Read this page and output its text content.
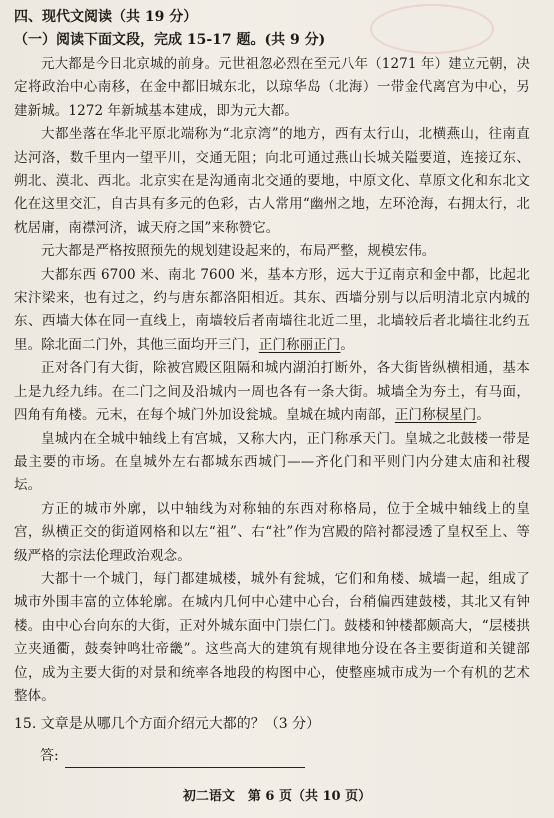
四、现代文阅读（共 19 分）
（一）阅读下面文段，完成 15-17 题。(共 9 分)

元大都是今日北京城的前身。元世祖忽必烈在至元八年（1271 年）建立元朝，决定将政治中心南移，在金中都旧城东北，以琼华岛（北海）一带金代离宫为中心，另建新城。1272 年新城基本建成，即为元大都。

大都坐落在华北平原北端称为“北京湾”的地方，西有太行山，北横燕山，往南直达河洛，数千里内一望平川，交通无阻；向北可通过燕山长城关隘要道，连接辽东、朔北、漠北、西北。北京实在是沟通南北交通的要地，中原文化、草原文化和东北文化在这里交汇，自古具有多元的色彩，古人常用“幽州之地，左环沧海，右拥太行，北枕居庸，南襟河济，诚天府之国”来称赞它。

元大都是严格按照预先的规划建设起来的，布局严整，规模宏伟。

大都东西 6700 米、南北 7600 米，基本方形，远大于辽南京和金中都，比起北宋汴梁来，也有过之，约与唐东都洛阳相近。其东、西墙分别与以后明清北京内城的东、西墙大体在同一直线上，南墙较后者南墙往北近二里，北墙较后者北墙往北约五里。除北面二门外，其他三面均开三门，正门称丽正门。

正对各门有大街，除被宫殿区阻隔和城内湖泊打断外，各大街皆纵横相通，基本上是九经九纬。在二门之间及沿城内一周也各有一条大街。城墙全为夯土，有马面，四角有角楼。元末，在每个城门外加设瓮城。皇城在城内南部，正门称棂星门。

皇城内在全城中轴线上有宫城，又称大内，正门称承天门。皇城之北鼓楼一带是最主要的市场。在皇城外左右都城东西城门——齐化门和平则门内分建太庙和社稷坛。

方正的城市外廓，以中轴线为对称轴的东西对称格局，位于全城中轴线上的皇宫，纵横正交的街道网格和以左“祖”、右“社”作为宫殿的陪衬都浸透了皇权至上、等级严格的宗法伦理政治观念。

大都十一个城门，每门都建城楼，城外有瓮城，它们和角楼、城墙一起，组成了城市外围丰富的立体轮廓。在城内几何中心建中心台，台稍偏西建鼓楼，其北又有钟楼。由中心台向东的大街，正对外城东面中门崇仁门。鼓楼和钟楼都颇高大，“层楼拱立夹通衢，鼓奏钟鸣壮帝畿”。这些高大的建筑有规律地分设在各主要街道和关键部位，成为主要大街的对景和统率各地段的构图中心，使整座城市成为一个有机的艺术整体。

15. 文章是从哪几个方面介绍元大都的？（3 分）
答:
初二语文　第 6 页（共 10 页）
